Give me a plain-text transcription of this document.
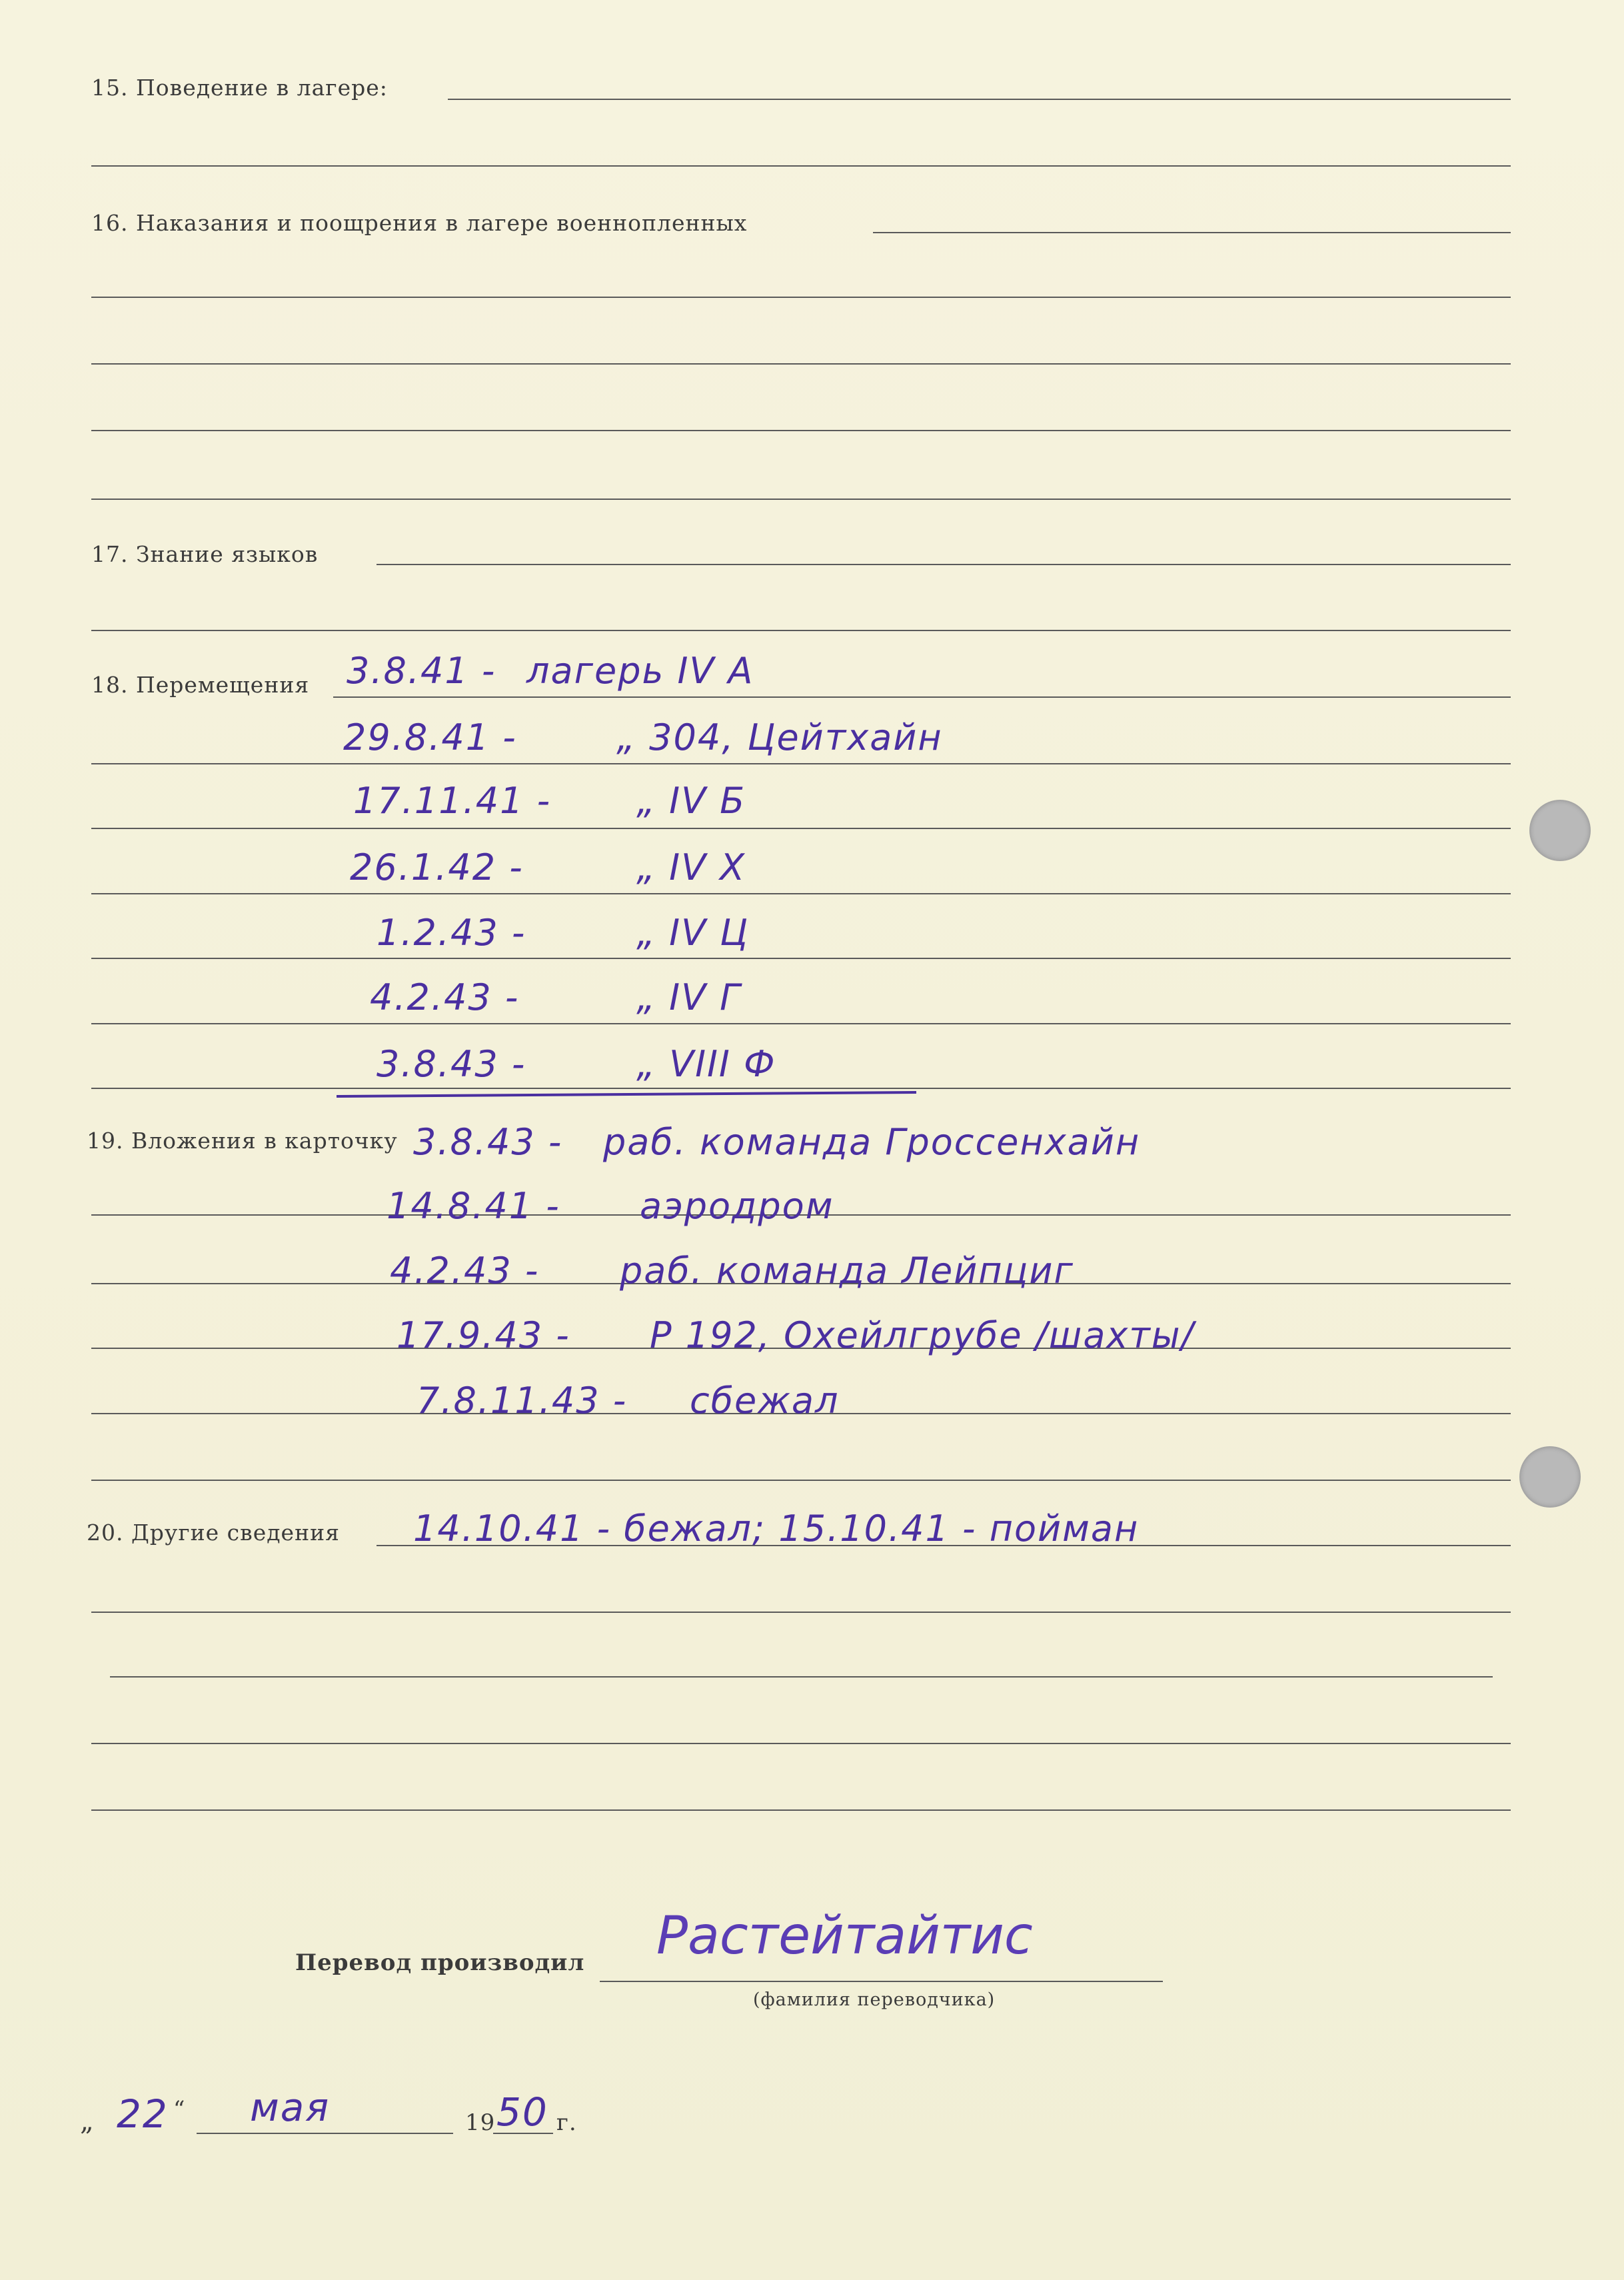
15. Поведение в лагере:
16. Наказания и поощрения в лагере военнопленных
17. Знание языков
18. Перемещения 3.8.41 - лагерь IV A
29.8.41 -	„ 304, Цейтхайн
17.11.41 - „ IV Б
26.1.42 -	„ IV Х
1.2.43 -	„ IV Ц
4.2.43 -	„ IV Г
3.8.43 -	„ VIII Ф
19. Вложения в карточку 3.8.43 - раб. команда Гроссенхайн
14.8.41 - аэродром
4.2.43 - раб. команда Лейпциг
17.9.43 - Р 192, Охейлгрубе /шахты/
7.8.11.43 - сбежал
20. Другие сведения 14.10.41 - бежал; 15.10.41 - пойман
Перевод производил Растейтайтис
(фамилия переводчика)
„ 22 “ мая	19 50 г.
